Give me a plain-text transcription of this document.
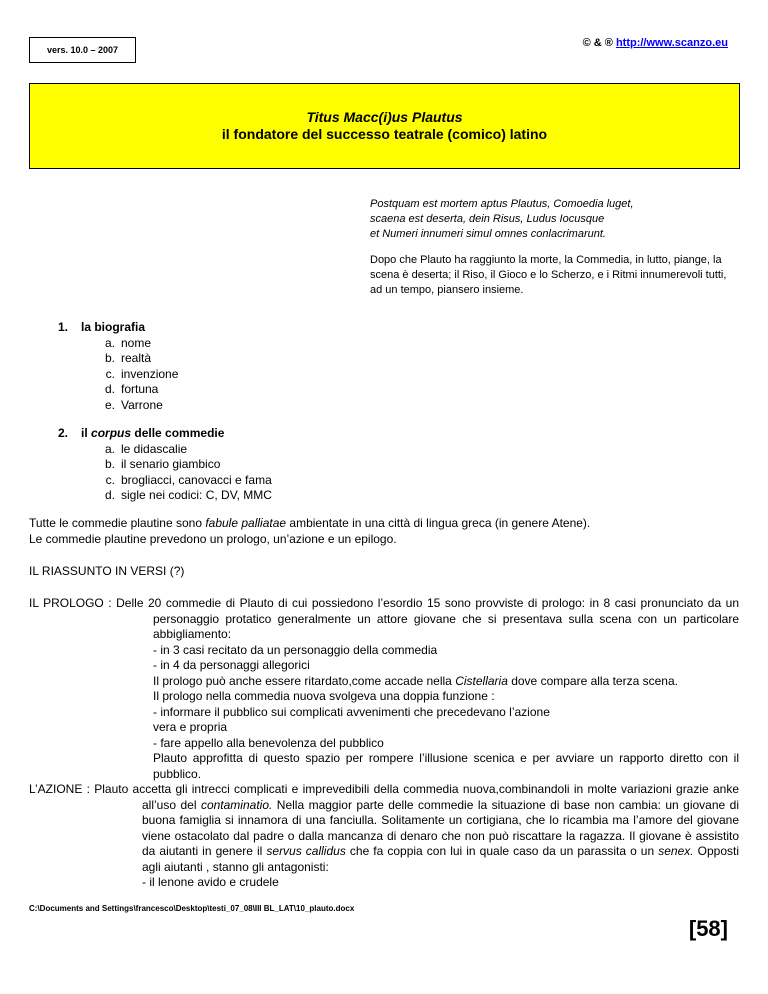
vers. 10.0 – 2007
© & ® http://www.scanzo.eu
Titus Macc(i)us Plautus
il fondatore del successo teatrale (comico) latino
Postquam est mortem aptus Plautus, Comoedia luget,
scaena est deserta, dein Risus, Ludus Iocusque
et Numeri innumeri simul omnes conlacrimarunt.
Dopo che Plauto ha raggiunto la morte, la Commedia, in lutto, piange, la scena è deserta; il Riso, il Gioco e lo Scherzo, e i Ritmi innumerevoli tutti, ad un tempo, piansero insieme.
1. la biografia
a. nome
b. realtà
c. invenzione
d. fortuna
e. Varrone
2. il corpus delle commedie
a. le didascalie
b. il senario giambico
c. brogliacci, canovacci e fama
d. sigle nei codici: C, DV, MMC
Tutte le commedie plautine sono fabule palliatae ambientate in una città di lingua greca (in genere Atene).
Le commedie plautine prevedono un prologo, un’azione e un epilogo.
IL RIASSUNTO IN VERSI (?)
IL PROLOGO : Delle 20 commedie di Plauto di cui possiedono l’esordio 15 sono provviste di prologo: in 8 casi pronunciato da un personaggio protatico generalmente un attore giovane che si presentava sulla scena con un particolare abbigliamento:
- in 3 casi recitato da un personaggio della commedia
- in 4 da personaggi allegorici
Il prologo può anche essere ritardato,come accade nella Cistellaria dove compare alla terza scena.
Il prologo nella commedia nuova svolgeva una doppia funzione :
- informare il pubblico sui complicati avvenimenti che precedevano l’azione
vera e propria
- fare appello alla benevolenza del pubblico
Plauto approfitta di questo spazio per rompere l’illusione scenica e per avviare un rapporto diretto con il pubblico.
L’AZIONE : Plauto accetta gli intrecci complicati e imprevedibili della commedia nuova,combinandoli in molte variazioni grazie anke all’uso del contaminatio. Nella maggior parte delle commedie la situazione di base non cambia: un giovane di buona famiglia si innamora di una fanciulla. Solitamente un cortigiana, che lo ricambia ma l’amore del giovane viene ostacolato dal padre o dalla mancanza di denaro che non può riscattare la ragazza. Il giovane è assistito da aiutanti in genere il servus callidus che fa coppia con lui in quale caso da un parassita o un senex. Opposti agli aiutanti , stanno gli antagonisti:
- il lenone avido e crudele
C:\Documents and Settings\francesco\Desktop\testi_07_08\III BL_LAT\10_plauto.docx
[58]
